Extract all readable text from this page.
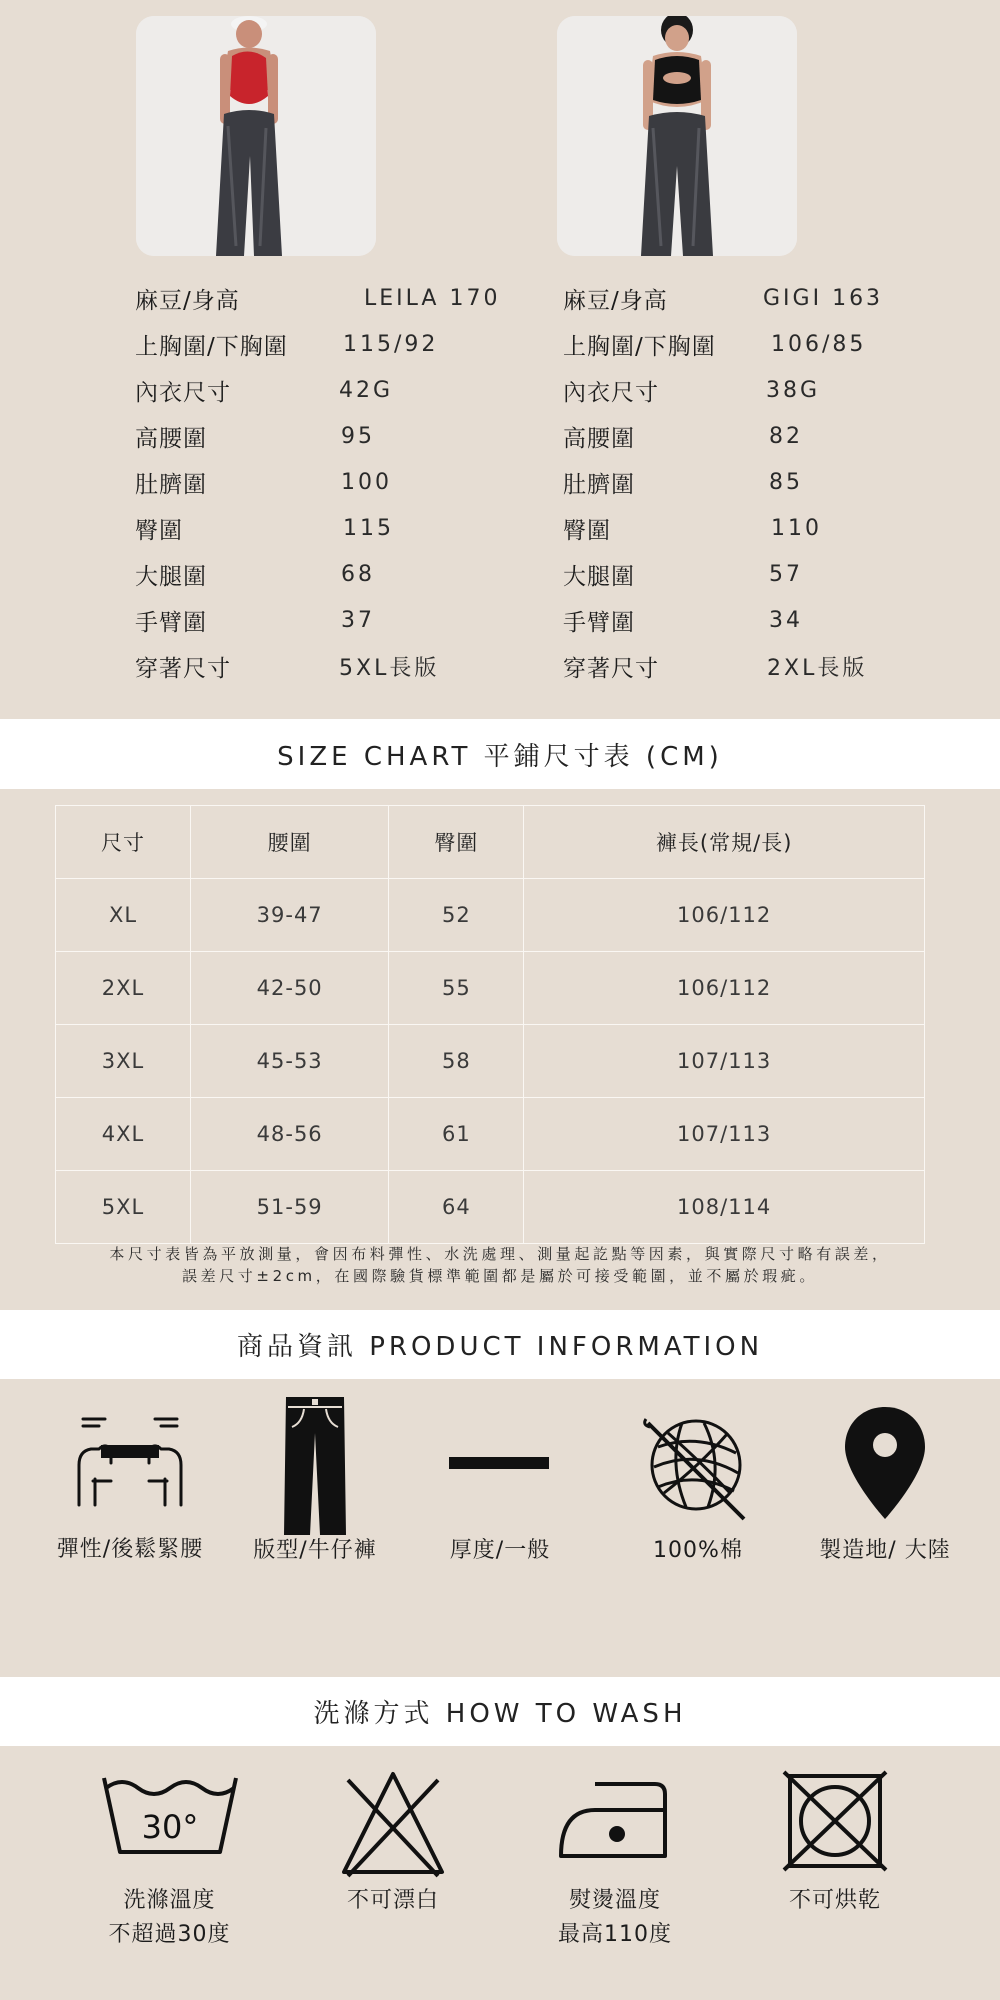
麻豆/身高	LEILA 170
上胸圍/下胸圍	115/92
內衣尺寸	42G
高腰圍	95
肚臍圍	100
臀圍	115
大腿圍	68
手臂圍	37
穿著尺寸	5XL長版
麻豆/身高	GIGI 163
上胸圍/下胸圍	106/85
內衣尺寸	38G
高腰圍	82
肚臍圍	85
臀圍	110
大腿圍	57
手臂圍	34
穿著尺寸	2XL長版
SIZE CHART 平鋪尺寸表 (CM)
尺寸	腰圍	臀圍	褲長(常規/長)
XL	39-47	52	106/112
2XL	42-50	55	106/112
3XL	45-53	58	107/113
4XL	48-56	61	107/113
5XL	51-59	64	108/114
本尺寸表皆為平放測量，會因布料彈性、水洗處理、測量起訖點等因素，與實際尺寸略有誤差，
誤差尺寸±2cm，在國際驗貨標準範圍都是屬於可接受範圍，並不屬於瑕疵。
商品資訊 PRODUCT INFORMATION
彈性/後鬆緊腰 版型/牛仔褲	厚度/一般	100%棉	製造地/ 大陸
洗滌方式 HOW TO WASH
30°
洗滌溫度
不超過30度
不可漂白	熨燙溫度
最高110度
不可烘乾
